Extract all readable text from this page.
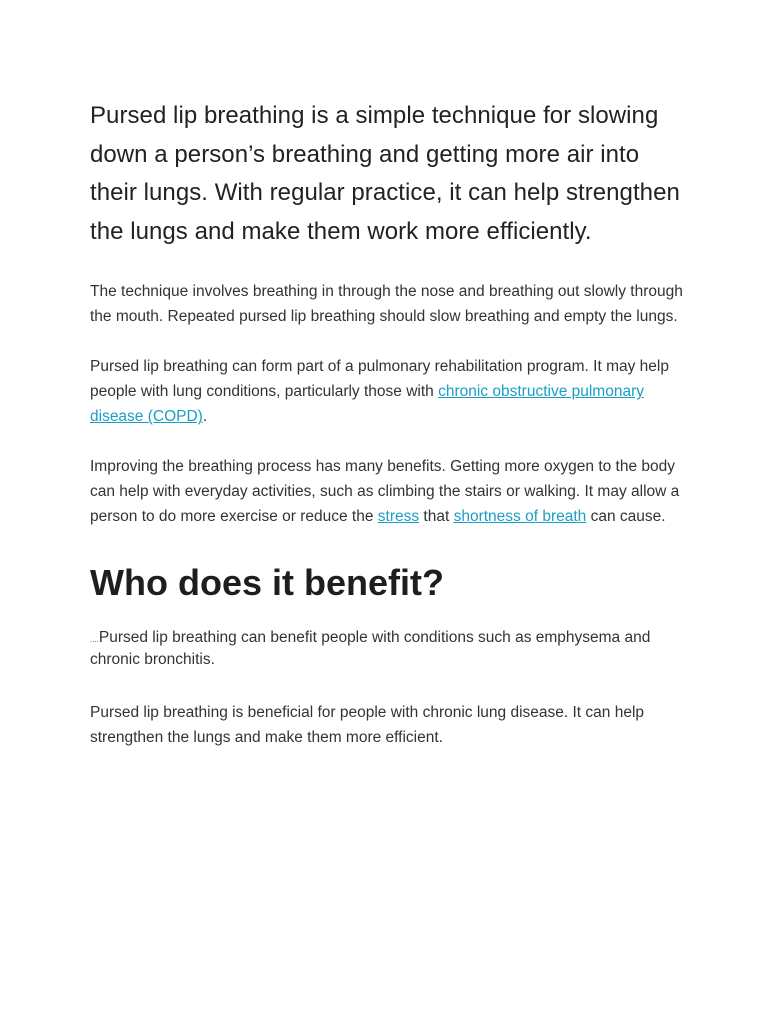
Pursed lip breathing is a simple technique for slowing down a person’s breathing and getting more air into their lungs. With regular practice, it can help strengthen the lungs and make them work more efficiently.

The technique involves breathing in through the nose and breathing out slowly through the mouth. Repeated pursed lip breathing should slow breathing and empty the lungs.

Pursed lip breathing can form part of a pulmonary rehabilitation program. It may help people with lung conditions, particularly those with chronic obstructive pulmonary disease (COPD).

Improving the breathing process has many benefits. Getting more oxygen to the body can help with everyday activities, such as climbing the stairs or walking. It may allow a person to do more exercise or reduce the stress that shortness of breath can cause.

Who does it benefit?

....Pursed lip breathing can benefit people with conditions such as emphysema and chronic bronchitis.

Pursed lip breathing is beneficial for people with chronic lung disease. It can help strengthen the lungs and make them more efficient.
